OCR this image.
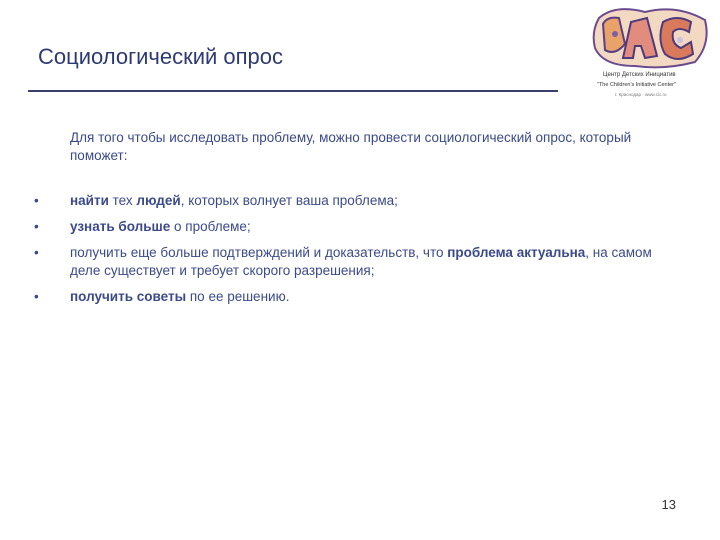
Социологический опрос
Центр Детских Инициатив
"The Children's Initiative Center"
г. Краснодар · www.cic.ru
Для того чтобы исследовать проблему, можно провести социологический опрос, который поможет:
• найти тех людей, которых волнует ваша проблема;
• узнать больше о проблеме;
• получить еще больше подтверждений и доказательств, что проблема актуальна, на самом деле существует и требует скорого разрешения;
• получить советы по ее решению.
13
